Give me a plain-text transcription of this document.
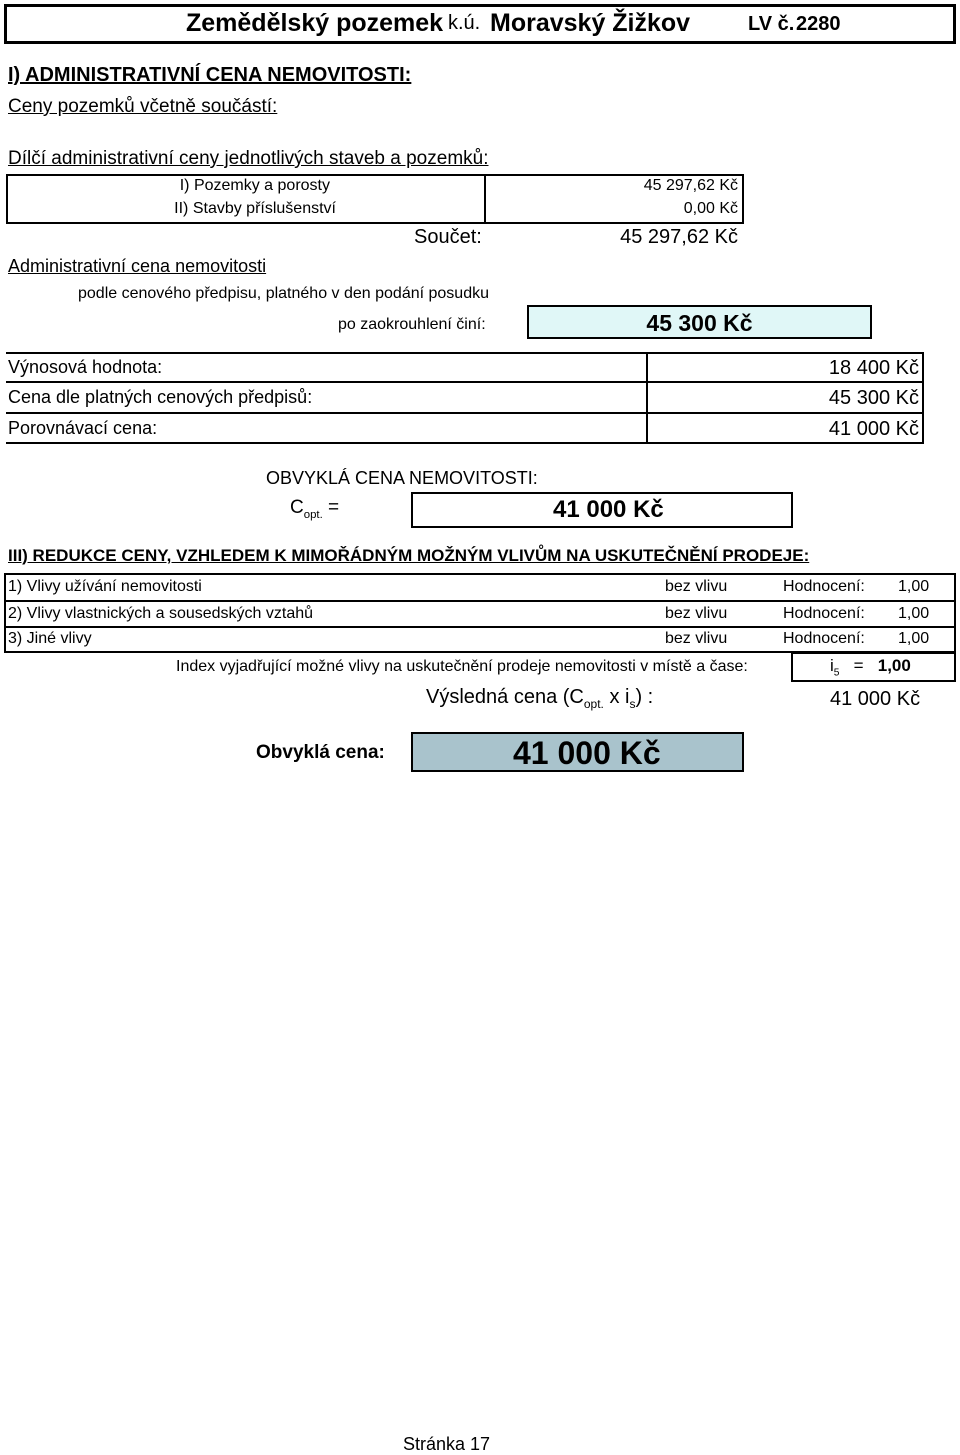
Zemědělský pozemek k.ú. Moravský Žižkov	LV č. 2280
I) ADMINISTRATIVNÍ CENA NEMOVITOSTI:
Ceny pozemků včetně součástí:
Dílčí administrativní ceny jednotlivých staveb a pozemků:
I) Pozemky a porosty	45 297,62 Kč
II) Stavby příslušenství	0,00 Kč
Součet:	45 297,62 Kč
Administrativní cena nemovitosti
podle cenového předpisu, platného v den podání posudku
po zaokrouhlení činí:	45 300 Kč
Výnosová hodnota:	18 400 Kč
Cena dle platných cenových předpisů:	45 300 Kč
Porovnávací cena:	41 000 Kč
OBVYKLÁ CENA NEMOVITOSTI:
$C_{opt.}$ =	41 000 Kč
III) REDUKCE CENY, VZHLEDEM K MIMOŘÁDNÝM MOŽNÝM VLIVŮM NA USKUTEČNĚNÍ PRODEJE:
1) Vlivy užívání nemovitosti	bez vlivu	Hodnocení: 1,00
2) Vlivy vlastnických a sousedských vztahů	bez vlivu	Hodnocení: 1,00
3) Jiné vlivy	bez vlivu	Hodnocení: 1,00
Index vyjadřující možné vlivy na uskutečnění prodeje nemovitosti v místě a čase:	$i_5 = 1,00$
Výsledná cena ($C_{opt.}$ x $i_s$) :	41 000 Kč
Obvyklá cena:	41 000 Kč
Stránka 17
